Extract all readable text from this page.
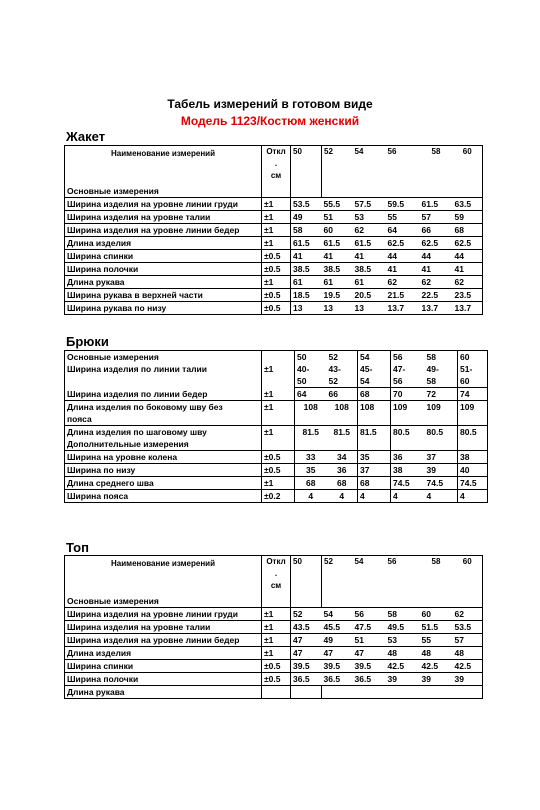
Табель измерений в готовом виде
Модель 1123/Костюм женский
Жакет
Наименование измерений	Откл	50	52	54	56	58	60
	.						
	см						
Основные измерения							
Ширина изделия на уровне линии груди	±1	53.5	55.5	57.5	59.5	61.5	63.5
Ширина изделия на уровне талии	±1	49	51	53	55	57	59
Ширина изделия на уровне линии бедер	±1	58	60	62	64	66	68
Длина изделия	±1	61.5	61.5	61.5	62.5	62.5	62.5
Ширина спинки	±0.5	41	41	41	44	44	44
Ширина полочки	±0.5	38.5	38.5	38.5	41	41	41
Длина рукава	±1	61	61	61	62	62	62
Ширина рукава в верхней части	±0.5	18.5	19.5	20.5	21.5	22.5	23.5
Ширина рукава по низу	±0.5	13	13	13	13.7	13.7	13.7
Брюки
Основные измерения		50	52	54	56	58	60
Ширина изделия по линии талии	±1	40-	43-	45-	47-	49-	51-
		50	52	54	56	58	60
Ширина изделия по линии бедер	±1	64	66	68	70	72	74
Длина изделия по боковому шву без	±1	108	108	108	109	109	109
пояса							
Длина изделия по шаговому шву	±1	81.5	81.5	81.5	80.5	80.5	80.5
Дополнительные измерения							
Ширина на уровне колена	±0.5	33	34	35	36	37	38
Ширина по низу	±0.5	35	36	37	38	39	40
Длина среднего шва	±1	68	68	68	74.5	74.5	74.5
Ширина пояса	±0.2	4	4	4	4	4	4
Топ
Наименование измерений	Откл	50	52	54	56	58	60
	.						
	см						
Основные измерения							
Ширина изделия на уровне линии груди	±1	52	54	56	58	60	62
Ширина изделия на уровне талии	±1	43.5	45.5	47.5	49.5	51.5	53.5
Ширина изделия на уровне линии бедер	±1	47	49	51	53	55	57
Длина изделия	±1	47	47	47	48	48	48
Ширина спинки	±0.5	39.5	39.5	39.5	42.5	42.5	42.5
Ширина полочки	±0.5	36.5	36.5	36.5	39	39	39
Длина рукава							
